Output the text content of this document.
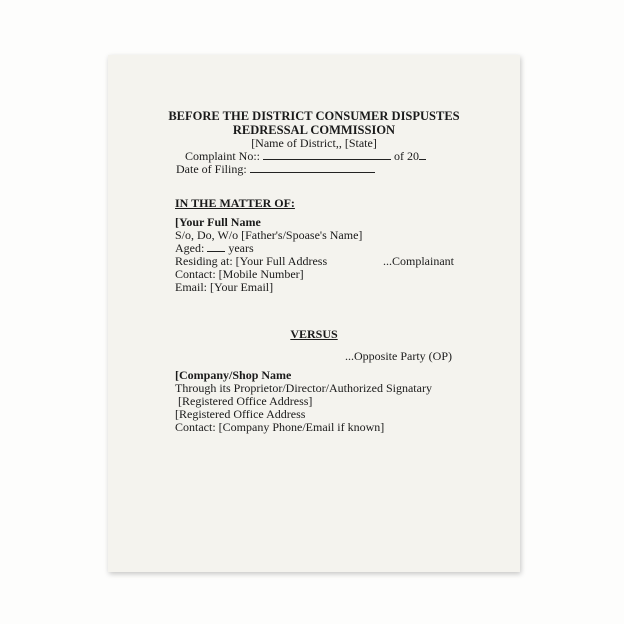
BEFORE THE DISTRICT CONSUMER DISPUSTES
REDRESSAL COMMISSION
[Name of District,, [State]
Complaint No::	of 20
Date of Filing:
IN THE MATTER OF:
[Your Full Name
S/o, Do, W/o [Father's/Spoase's Name]
Aged: years
Residing at: [Your Full Address	...Complainant
Contact: [Mobile Number]
Email: [Your Email]
VERSUS
...Opposite Party (OP)
[Company/Shop Name
Through its Proprietor/Director/Authorized Signatary
[Registered Office Address]
[Registered Office Address
Contact: [Company Phone/Email if known]
